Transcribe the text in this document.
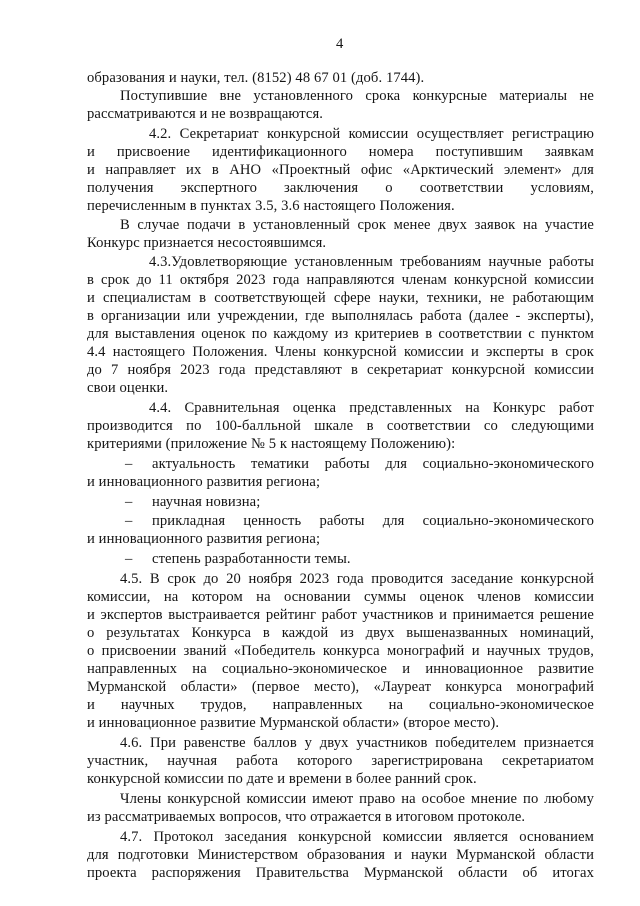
4

образования и науки, тел. (8152) 48 67 01 (доб. 1744).

Поступившие вне установленного срока конкурсные материалы не

рассматриваются и не возвращаются.

4.2. Секретариат конкурсной комиссии осуществляет регистрацию

и присвоение идентификационного номера поступившим заявкам

и направляет их в АНО «Проектный офис «Арктический элемент» для

получения экспертного заключения о соответствии условиям,

перечисленным в пунктах 3.5, 3.6 настоящего Положения.

В случае подачи в установленный срок менее двух заявок на участие

Конкурс признается несостоявшимся.

4.3.Удовлетворяющие установленным требованиям научные работы

в срок до 11 октября 2023 года направляются членам конкурсной комиссии

и специалистам в соответствующей сфере науки, техники, не работающим

в организации или учреждении, где выполнялась работа (далее - эксперты),

для выставления оценок по каждому из критериев в соответствии с пунктом

4.4 настоящего Положения. Члены конкурсной комиссии и эксперты в срок

до 7 ноября 2023 года представляют в секретариат конкурсной комиссии

свои оценки.

4.4. Сравнительная оценка представленных на Конкурс работ

производится по 100-балльной шкале в соответствии со следующими

критериями (приложение № 5 к настоящему Положению):

актуальность тематики работы для социально-экономического

и инновационного развития региона;

научная новизна;

прикладная ценность работы для социально-экономического

и инновационного развития региона;

степень разработанности темы.

4.5. В срок до 20 ноября 2023 года проводится заседание конкурсной

комиссии, на котором на основании суммы оценок членов комиссии

и экспертов выстраивается рейтинг работ участников и принимается решение

о результатах Конкурса в каждой из двух вышеназванных номинаций,

о присвоении званий «Победитель конкурса монографий и научных трудов,

направленных на социально-экономическое и инновационное развитие

Мурманской области» (первое место), «Лауреат конкурса монографий

и научных трудов, направленных на социально-экономическое

и инновационное развитие Мурманской области» (второе место).

4.6. При равенстве баллов у двух участников победителем признается

участник, научная работа которого зарегистрирована секретариатом

конкурсной комиссии по дате и времени в более ранний срок.

Члены конкурсной комиссии имеют право на особое мнение по любому

из рассматриваемых вопросов, что отражается в итоговом протоколе.

4.7. Протокол заседания конкурсной комиссии является основанием

для подготовки Министерством образования и науки Мурманской области

проекта распоряжения Правительства Мурманской области об итогах

–
–
–
–
